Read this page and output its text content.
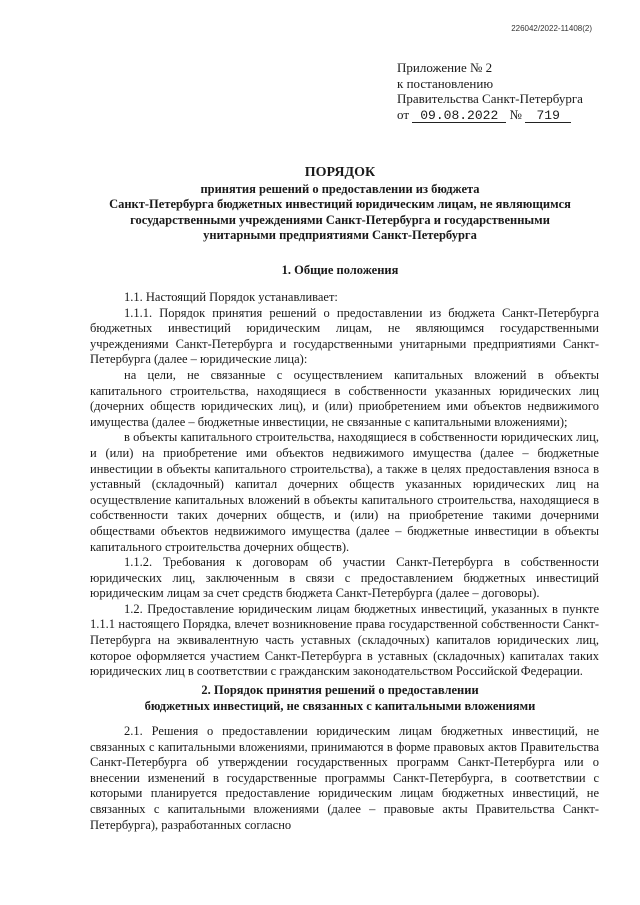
226042/2022-11408(2)
Приложение № 2
к постановлению
Правительства Санкт-Петербурга
от 09.08.2022 № 719
ПОРЯДОК
принятия решений о предоставлении из бюджета
Санкт-Петербурга бюджетных инвестиций юридическим лицам, не являющимся
государственными учреждениями Санкт-Петербурга и государственными
унитарными предприятиями Санкт-Петербурга
1. Общие положения

1.1. Настоящий Порядок устанавливает:

1.1.1. Порядок принятия решений о предоставлении из бюджета Санкт-Петербурга бюджетных инвестиций юридическим лицам, не являющимся государственными учреждениями Санкт-Петербурга и государственными унитарными предприятиями Санкт-Петербурга (далее – юридические лица):

на цели, не связанные с осуществлением капитальных вложений в объекты капитального строительства, находящиеся в собственности указанных юридических лиц (дочерних обществ юридических лиц), и (или) приобретением ими объектов недвижимого имущества (далее – бюджетные инвестиции, не связанные с капитальными вложениями);

в объекты капитального строительства, находящиеся в собственности юридических лиц, и (или) на приобретение ими объектов недвижимого имущества (далее – бюджетные инвестиции в объекты капитального строительства), а также в целях предоставления взноса в уставный (складочный) капитал дочерних обществ указанных юридических лиц на осуществление капитальных вложений в объекты капитального строительства, находящиеся в собственности таких дочерних обществ, и (или) на приобретение такими дочерними обществами объектов недвижимого имущества (далее – бюджетные инвестиции в объекты капитального строительства дочерних обществ).

1.1.2. Требования к договорам об участии Санкт-Петербурга в собственности юридических лиц, заключенным в связи с предоставлением бюджетных инвестиций юридическим лицам за счет средств бюджета Санкт-Петербурга (далее – договоры).

1.2. Предоставление юридическим лицам бюджетных инвестиций, указанных в пункте 1.1.1 настоящего Порядка, влечет возникновение права государственной собственности Санкт-Петербурга на эквивалентную часть уставных (складочных) капиталов юридических лиц, которое оформляется участием Санкт-Петербурга в уставных (складочных) капиталах таких юридических лиц в соответствии с гражданским законодательством Российской Федерации.

2. Порядок принятия решений о предоставлении
бюджетных инвестиций, не связанных с капитальными вложениями

2.1. Решения о предоставлении юридическим лицам бюджетных инвестиций, не связанных с капитальными вложениями, принимаются в форме правовых актов Правительства Санкт-Петербурга об утверждении государственных программ Санкт-Петербурга или о внесении изменений в государственные программы Санкт-Петербурга, в соответствии с которыми планируется предоставление юридическим лицам бюджетных инвестиций, не связанных с капитальными вложениями (далее – правовые акты Правительства Санкт-Петербурга), разработанных согласно
